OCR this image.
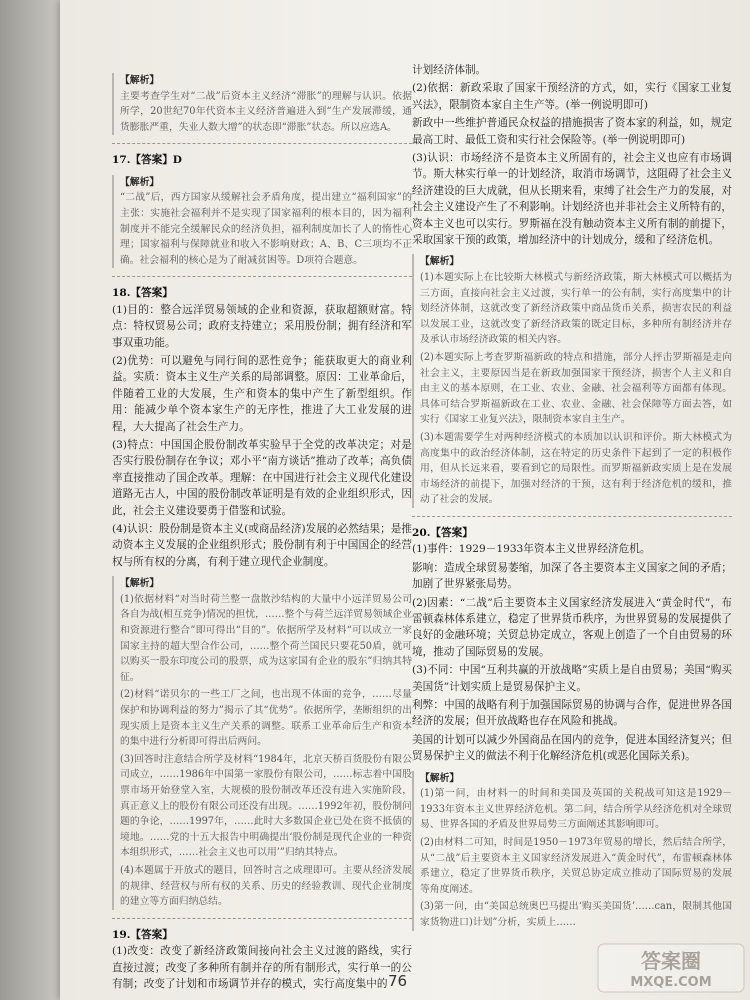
【解析】
主要考查学生对“二战”后资本主义经济“滞胀”的理解与认识。依据所学，20世纪70年代资本主义经济普遍进入到“生产发展滞缓，通货膨胀严重，失业人数大增”的状态即“滞胀”状态。所以应选A。
17.【答案】D
【解析】
“二战”后，西方国家从缓解社会矛盾角度，提出建立“福利国家”的主张：实施社会福利并不是实现了国家福利的根本目的，因为福利制度并不能完全缓解民众的经济负担，福利制度加长了人的惰性心理；国家福利与保障就业和收入不影响财政；A、B、C三项均不正确。社会福利的核心是为了耐减贫困等。D项符合题意。
18.【答案】
(1)目的：整合远洋贸易领域的企业和资源，获取超额财富。特点：特权贸易公司；政府支持建立；采用股份制；拥有经济和军事双重功能。
(2)优势：可以避免与同行间的恶性竞争；能获取更大的商业利益。实质：资本主义生产关系的局部调整。原因：工业革命后，伴随着工业的大发展，生产和资本的集中产生了新型组织。作用：能减少单个资本家生产的无序性，推进了大工业发展的进程，大大提高了社会生产力。
(3)特点：中国国企股份制改革实验早于全党的改革决定；对是否实行股份制存在争议；邓小平“南方谈话”推动了改革；高负债率直接推动了国企改革。理解：在中国进行社会主义现代化建设道路无古人，中国的股份制改革证明是有效的企业组织形式，因此，社会主义建设要勇于借鉴和试验。
(4)认识：股份制是资本主义(或商品经济)发展的必然结果；是推动资本主义发展的企业组织形式；股份制有利于中国国企的经营权与所有权的分离，有利于建立现代企业制度。
【解析】
(1)依据材料“对当时荷兰整一盘散沙结构的大量中小远洋贸易公司各自为战(相互竞争)情况的担忧，……整个与荷兰远洋贸易领域企业和资源进行整合”即可得出“目的”。依据所学及材料“可以成立一家国家主持的超大型合作公司，……整个荷兰国民只要花50盾，就可以购买一股东印度公司的股票，成为这家国有企业的股东”归纳其特征。
(2)材料“诺贝尔的一些工厂之间，也出现不体面的竞争，……尽量保护和协调利益的努力”揭示了其“优势”。依据所学，垄断组织的出现实质上是资本主义生产关系的调整。联系工业革命后生产和资本的集中进行分析即可得出后两问。
(3)回答时注意结合所学及材料“1984年，北京天桥百货股份有限公司成立，……1986年中国第一家股份有限公司，……标志着中国股票市场开始登堂入室，大规模的股份制改革还没有进入实施阶段，真正意义上的股份有限公司还没有出现。……1992年初，股份制问题的争论，……1997年，……此时大多数国企业已处在资不抵债的境地。……党的十五大报告中明确提出‘股份制是现代企业的一种资本组织形式，……社会主义也可以用’”归纳其特点。
(4)本题属于开放式的题目，回答时言之成理即可。主要从经济发展的规律、经营权与所有权的关系、历史的经验教训、现代企业制度的建立等方面归纳总结。
19.【答案】
(1)改变：改变了新经济政策间接向社会主义过渡的路线，实行直接过渡；改变了多种所有制并存的所有制形式，实行单一的公有制；改变了计划和市场调节并存的模式，实行高度集中的
计划经济体制。
(2)依据：新政采取了国家干预经济的方式，如，实行《国家工业复兴法》，限制资本家自主生产等。(举一例说明即可)
新政中一些维护普通民众权益的措施损害了资本家的利益，如，规定最高工时、最低工资和实行社会保险等。(举一例说明即可)
(3)认识：市场经济不是资本主义所固有的，社会主义也应有市场调节。斯大林实行单一的计划经济，取消市场调节，这阻碍了社会主义经济建设的巨大成就，但从长期来看，束缚了社会生产力的发展，对社会主义建设产生了不利影响。计划经济也并非社会主义所特有的，资本主义也可以实行。罗斯福在没有触动资本主义所有制的前提下，采取国家干预的政策，增加经济中的计划成分，缓和了经济危机。
【解析】
(1)本题实际上在比较斯大林模式与新经济政策，斯大林模式可以概括为三方面，直接向社会主义过渡，实行单一的公有制，实行高度集中的计划经济体制，这就改变了新经济政策中商品货币关系，损害农民的利益以发展工业，这就改变了新经济政策的既定目标，多种所有制经济并存及承认市场经济政策的相关内容。
(2)本题实际上考查罗斯福新政的特点和措施，部分人抨击罗斯福是走向社会主义，主要原因当是在新政加强国家干预经济，损害个人主义和自由主义的基本原则，在工业、农业、金融、社会福利等方面都有体现。具体可结合罗斯福新政在工业、农业、金融、社会保障等方面去答，如实行《国家工业复兴法》，限制资本家自主生产。
(3)本题需要学生对两种经济模式的本质加以认识和评价。斯大林模式为高度集中的政治经济体制，这在特定的历史条件下起到了一定的积极作用，但从长远来看，要看到它的局限性。而罗斯福新政实质上是在发展市场经济的前提下，加强对经济的干预，这有利于经济危机的缓和，推动了社会的发展。
20.【答案】
(1)事件：1929－1933年资本主义世界经济危机。
影响：造成全球贸易萎缩，加深了各主要资本主义国家之间的矛盾；加剧了世界紧张局势。
(2)因素：“二战”后主要资本主义国家经济发展进入“黄金时代”，布雷顿森林体系建立，稳定了世界货币秩序，为世界贸易的发展提供了良好的金融环境；关贸总协定成立，客观上创造了一个自由贸易的环境，推动了国际贸易的发展。
(3)不同：中国“互利共赢的开放战略”实质上是自由贸易；美国“购买美国货”计划实质上是贸易保护主义。
利弊：中国的战略有利于加强国际贸易的协调与合作，促进世界各国经济的发展；但开放战略也存在风险和挑战。
美国的计划可以减少外国商品在国内的竞争，促进本国经济复兴；但贸易保护主义的做法不利于化解经济危机(或恶化国际关系)。
【解析】
(1)第一问，由材料一的时间和美国及英国的关税战可知这是1929－1933年资本主义世界经济危机。第二问，结合所学从经济危机对全球贸易、世界各国的矛盾及世界局势三方面阐述其影响即可。
(2)由材料二可知，时间是1950－1973年贸易的增长，然后结合所学，从“二战”后主要资本主义国家经济发展进入“黄金时代”，布雷顿森林体系建立，稳定了世界货币秩序，关贸总协定成立推动了国际贸易的发展等角度阐述。
(3)第一问，由“美国总统奥巴马提出‘购买美国货’……can，限制其他国家货物进口)计划”分析，实质上……
76
答案圈
MXQE.COM
